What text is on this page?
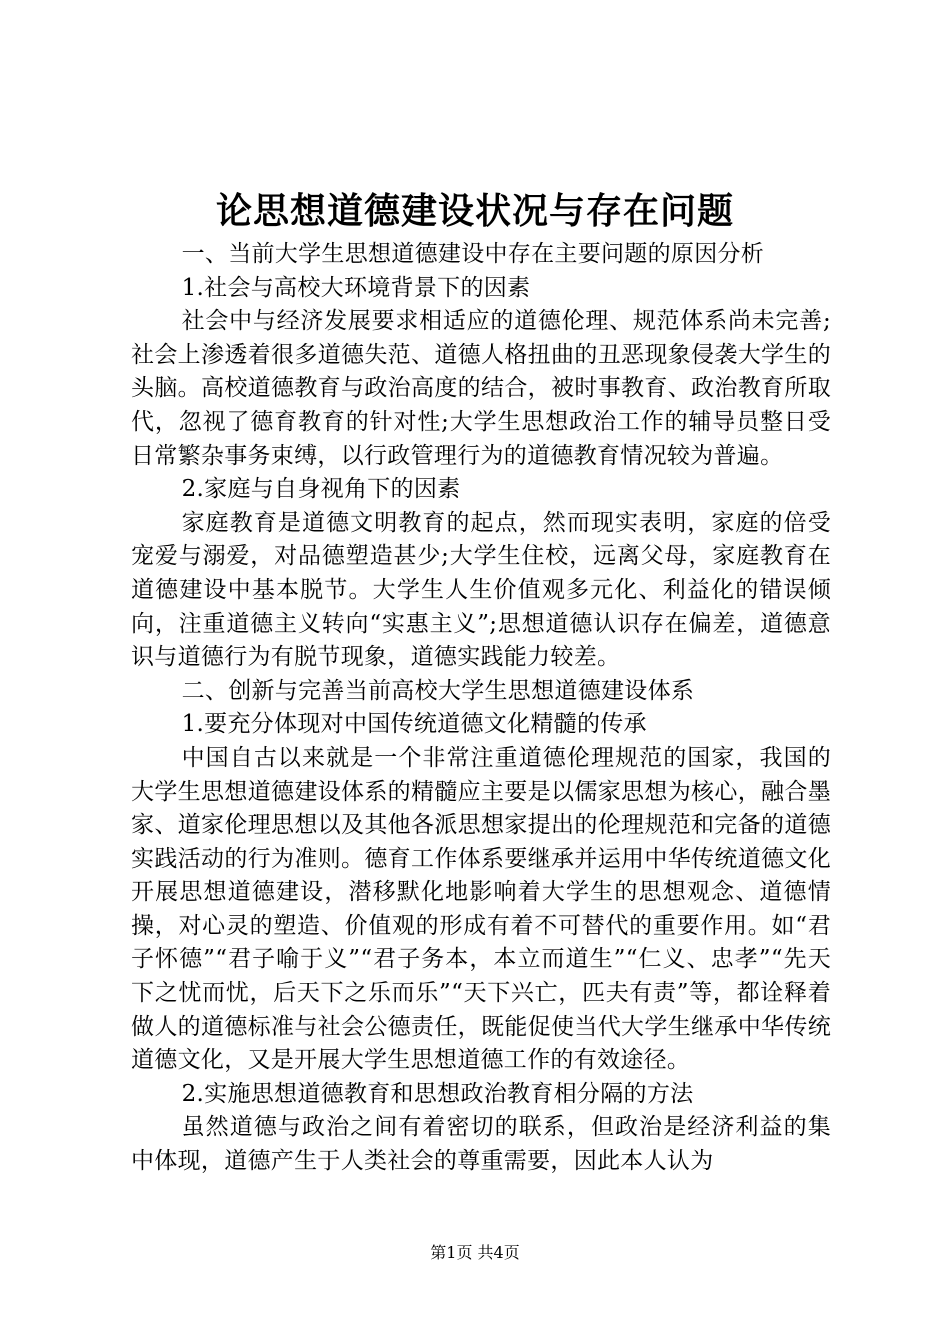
论思想道德建设状况与存在问题

一、当前大学生思想道德建设中存在主要问题的原因分析

1.社会与高校大环境背景下的因素

社会中与经济发展要求相适应的道德伦理、规范体系尚未完善;社会上渗透着很多道德失范、道德人格扭曲的丑恶现象侵袭大学生的头脑。高校道德教育与政治高度的结合，被时事教育、政治教育所取代，忽视了德育教育的针对性;大学生思想政治工作的辅导员整日受日常繁杂事务束缚，以行政管理行为的道德教育情况较为普遍。

2.家庭与自身视角下的因素

家庭教育是道德文明教育的起点，然而现实表明，家庭的倍受宠爱与溺爱，对品德塑造甚少;大学生住校，远离父母，家庭教育在道德建设中基本脱节。大学生人生价值观多元化、利益化的错误倾向，注重道德主义转向“实惠主义”;思想道德认识存在偏差，道德意识与道德行为有脱节现象，道德实践能力较差。

二、创新与完善当前高校大学生思想道德建设体系

1.要充分体现对中国传统道德文化精髓的传承

中国自古以来就是一个非常注重道德伦理规范的国家，我国的大学生思想道德建设体系的精髓应主要是以儒家思想为核心，融合墨家、道家伦理思想以及其他各派思想家提出的伦理规范和完备的道德实践活动的行为准则。德育工作体系要继承并运用中华传统道德文化开展思想道德建设，潜移默化地影响着大学生的思想观念、道德情操，对心灵的塑造、价值观的形成有着不可替代的重要作用。如“君子怀德”“君子喻于义”“君子务本，本立而道生”“仁义、忠孝”“先天下之忧而忧，后天下之乐而乐”“天下兴亡，匹夫有责”等，都诠释着做人的道德标准与社会公德责任，既能促使当代大学生继承中华传统道德文化，又是开展大学生思想道德工作的有效途径。

2.实施思想道德教育和思想政治教育相分隔的方法

虽然道德与政治之间有着密切的联系，但政治是经济利益的集中体现，道德产生于人类社会的尊重需要，因此本人认为

第1页 共4页
